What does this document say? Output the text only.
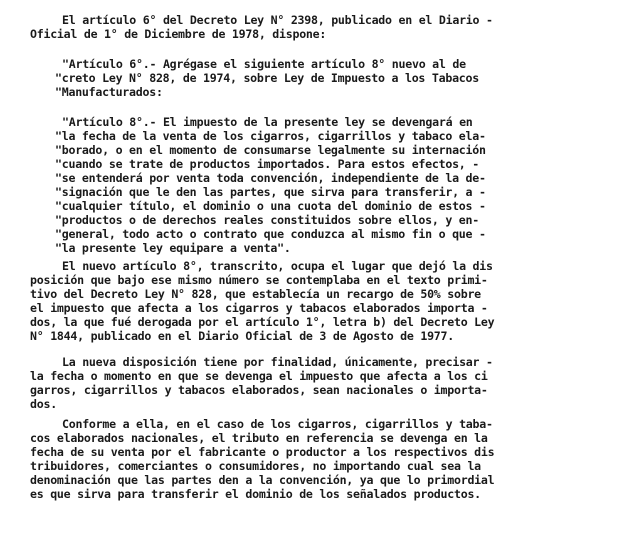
El artículo 6° del Decreto Ley N° 2398, publicado en el Diario -
Oficial de 1° de Diciembre de 1978, dispone:
"Artículo 6°.- Agrégase el siguiente artículo 8° nuevo al de
"creto Ley N° 828, de 1974, sobre Ley de Impuesto a los Tabacos
"Manufacturados:
"Artículo 8°.- El impuesto de la presente ley se devengará en
"la fecha de la venta de los cigarros, cigarrillos y tabaco ela-
"borado, o en el momento de consumarse legalmente su internación
"cuando se trate de productos importados. Para estos efectos, -
"se entenderá por venta toda convención, independiente de la de-
"signación que le den las partes, que sirva para transferir, a -
"cualquier título, el dominio o una cuota del dominio de estos -
"productos o de derechos reales constituidos sobre ellos, y en-
"general, todo acto o contrato que conduzca al mismo fin o que -
"la presente ley equipare a venta".
El nuevo artículo 8°, transcrito, ocupa el lugar que dejó la dis
posición que bajo ese mismo número se contemplaba en el texto primi-
tivo del Decreto Ley N° 828, que establecía un recargo de 50% sobre
el impuesto que afecta a los cigarros y tabacos elaborados importa -
dos, la que fué derogada por el artículo 1°, letra b) del Decreto Ley
N° 1844, publicado en el Diario Oficial de 3 de Agosto de 1977.
La nueva disposición tiene por finalidad, únicamente, precisar -
la fecha o momento en que se devenga el impuesto que afecta a los ci
garros, cigarrillos y tabacos elaborados, sean nacionales o importa-
dos.
Conforme a ella, en el caso de los cigarros, cigarrillos y taba-
cos elaborados nacionales, el tributo en referencia se devenga en la
fecha de su venta por el fabricante o productor a los respectivos dis
tribuidores, comerciantes o consumidores, no importando cual sea la
denominación que las partes den a la convención, ya que lo primordial
es que sirva para transferir el dominio de los señalados productos.
